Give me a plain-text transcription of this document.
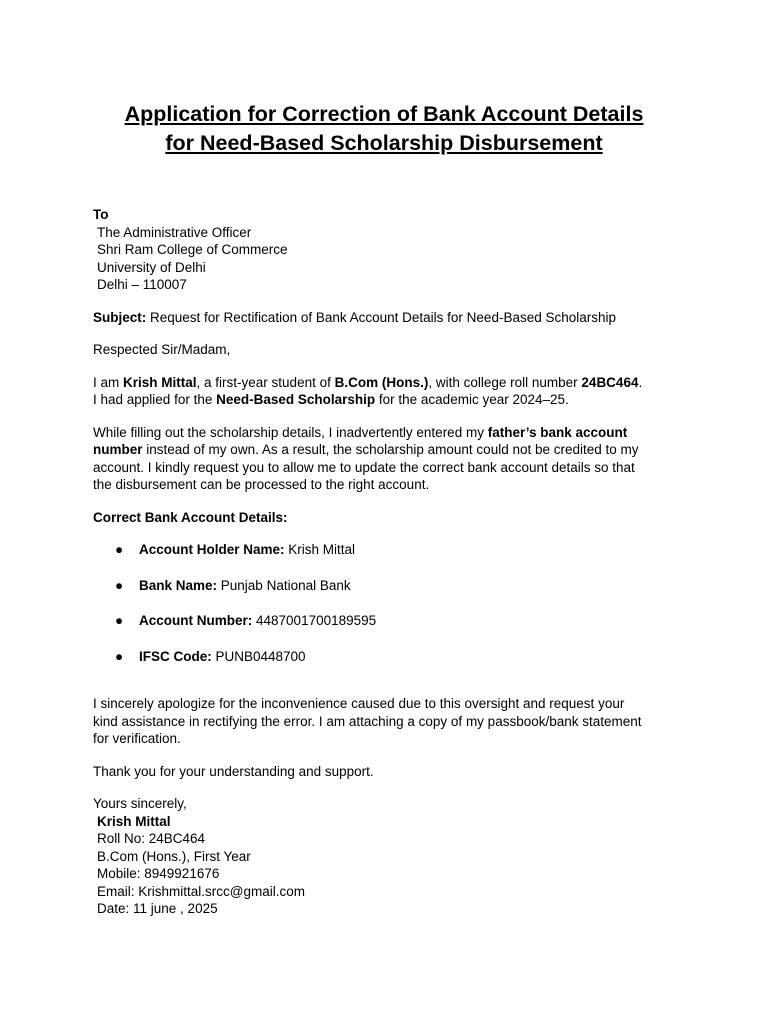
Application for Correction of Bank Account Details
for Need-Based Scholarship Disbursement
To
The Administrative Officer
Shri Ram College of Commerce
University of Delhi
Delhi – 110007
Subject: Request for Rectification of Bank Account Details for Need-Based Scholarship
Respected Sir/Madam,
I am Krish Mittal, a first-year student of B.Com (Hons.), with college roll number 24BC464.
I had applied for the Need-Based Scholarship for the academic year 2024–25.
While filling out the scholarship details, I inadvertently entered my father’s bank account
number instead of my own. As a result, the scholarship amount could not be credited to my
account. I kindly request you to allow me to update the correct bank account details so that
the disbursement can be processed to the right account.
Correct Bank Account Details:
● Account Holder Name: Krish Mittal
● Bank Name: Punjab National Bank
● Account Number: 4487001700189595
● IFSC Code: PUNB0448700
I sincerely apologize for the inconvenience caused due to this oversight and request your
kind assistance in rectifying the error. I am attaching a copy of my passbook/bank statement
for verification.
Thank you for your understanding and support.
Yours sincerely,
Krish Mittal
Roll No: 24BC464
B.Com (Hons.), First Year
Mobile: 8949921676
Email: Krishmittal.srcc@gmail.com
Date: 11 june , 2025
